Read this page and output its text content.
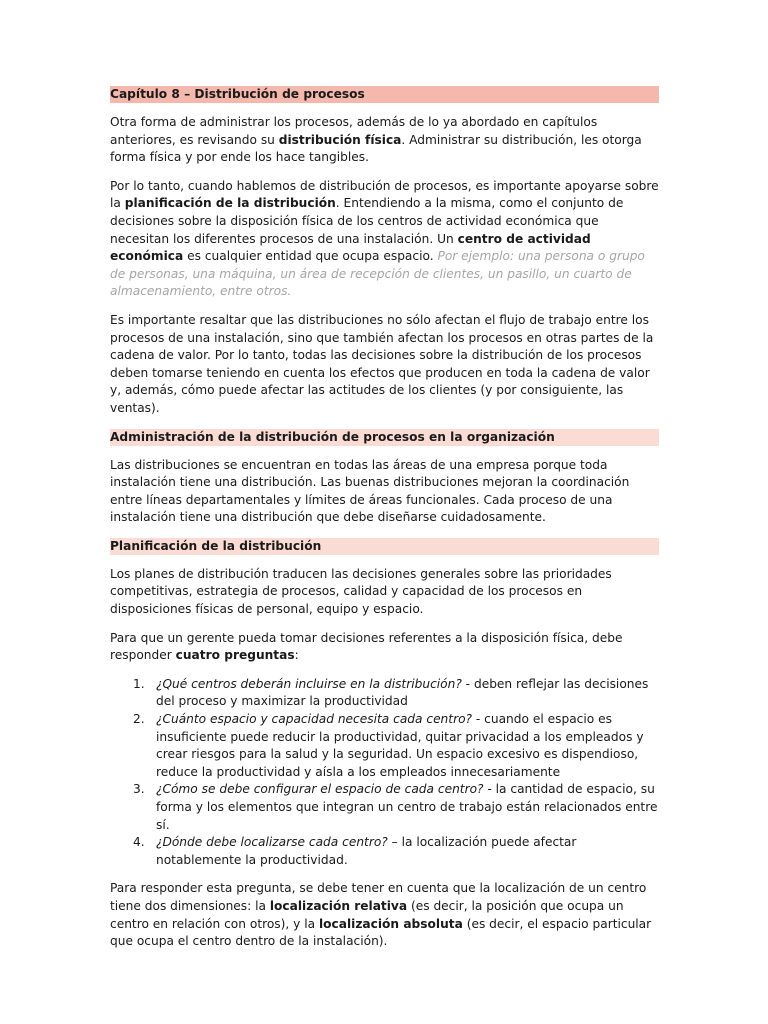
Capítulo 8 – Distribución de procesos

Otra forma de administrar los procesos, además de lo ya abordado en capítulos anteriores, es revisando su distribución física. Administrar su distribución, les otorga forma física y por ende los hace tangibles.

Por lo tanto, cuando hablemos de distribución de procesos, es importante apoyarse sobre la planificación de la distribución. Entendiendo a la misma, como el conjunto de decisiones sobre la disposición física de los centros de actividad económica que necesitan los diferentes procesos de una instalación. Un centro de actividad económica es cualquier entidad que ocupa espacio. Por ejemplo: una persona o grupo de personas, una máquina, un área de recepción de clientes, un pasillo, un cuarto de almacenamiento, entre otros.

Es importante resaltar que las distribuciones no sólo afectan el flujo de trabajo entre los procesos de una instalación, sino que también afectan los procesos en otras partes de la cadena de valor. Por lo tanto, todas las decisiones sobre la distribución de los procesos deben tomarse teniendo en cuenta los efectos que producen en toda la cadena de valor y, además, cómo puede afectar las actitudes de los clientes (y por consiguiente, las ventas).

Administración de la distribución de procesos en la organización

Las distribuciones se encuentran en todas las áreas de una empresa porque toda instalación tiene una distribución. Las buenas distribuciones mejoran la coordinación entre líneas departamentales y límites de áreas funcionales. Cada proceso de una instalación tiene una distribución que debe diseñarse cuidadosamente.

Planificación de la distribución

Los planes de distribución traducen las decisiones generales sobre las prioridades competitivas, estrategia de procesos, calidad y capacidad de los procesos en disposiciones físicas de personal, equipo y espacio.

Para que un gerente pueda tomar decisiones referentes a la disposición física, debe responder cuatro preguntas:

1. ¿Qué centros deberán incluirse en la distribución? - deben reflejar las decisiones del proceso y maximizar la productividad
2. ¿Cuánto espacio y capacidad necesita cada centro? - cuando el espacio es insuficiente puede reducir la productividad, quitar privacidad a los empleados y crear riesgos para la salud y la seguridad. Un espacio excesivo es dispendioso, reduce la productividad y aísla a los empleados innecesariamente
3. ¿Cómo se debe configurar el espacio de cada centro? - la cantidad de espacio, su forma y los elementos que integran un centro de trabajo están relacionados entre sí.
4. ¿Dónde debe localizarse cada centro? – la localización puede afectar notablemente la productividad.

Para responder esta pregunta, se debe tener en cuenta que la localización de un centro tiene dos dimensiones: la localización relativa (es decir, la posición que ocupa un centro en relación con otros), y la localización absoluta (es decir, el espacio particular que ocupa el centro dentro de la instalación).
